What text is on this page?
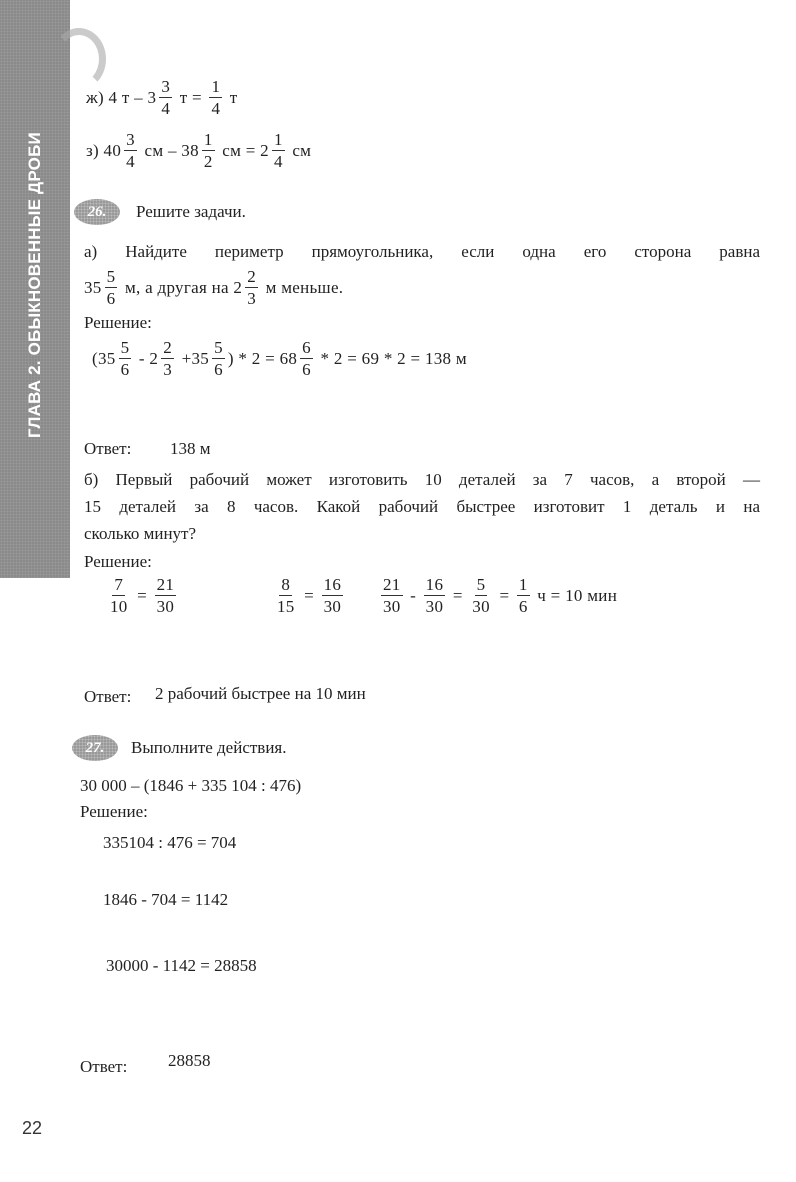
ГЛАВА 2. ОБЫКНОВЕННЫЕ ДРОБИ
ж) 4 т – $3 \frac{3}{4}$ $т = \frac{1}{4}$ т
з) $40 \frac{3}{4}$ см – $38 \frac{1}{2}$ см = $2 \frac{1}{4}$ см
26.	Решите задачи.
а) Найдите периметр прямоугольника, если одна его сторона равна
$35 \frac{5}{6} м$, а другая на $2 \frac{2}{3}$ м меньше.
Решение:
($35 \frac{5}{6} - 2 \frac{2}{3} +35 \frac{5}{6}$ ) * $2 = 68 \frac{6}{6} * 2 = 69 * 2 = 138$ м
Ответ: 138 м
б) Первый рабочий может изготовить 10 деталей за 7 часов, а второй —
15 деталей за 8 часов. Какой рабочий быстрее изготовит 1 деталь и на
сколько минут?
Решение:
$\frac{7}{10} = \frac{21}{30}$	$\frac{8}{15} = \frac{16}{30} \frac{21}{30} - \frac{16}{30} = \frac{5}{30} = \frac{1}{6}$ ч = 10 мин
Ответ: 2 рабочий быстрее на 10 мин
27.	Выполните действия.
30 000 – (1846 + 335 104 : 476)
Решение:
335104 : 476 = 704
1846 - 704 = 1142
30000 - 1142 = 28858
Ответ: 28858
22
